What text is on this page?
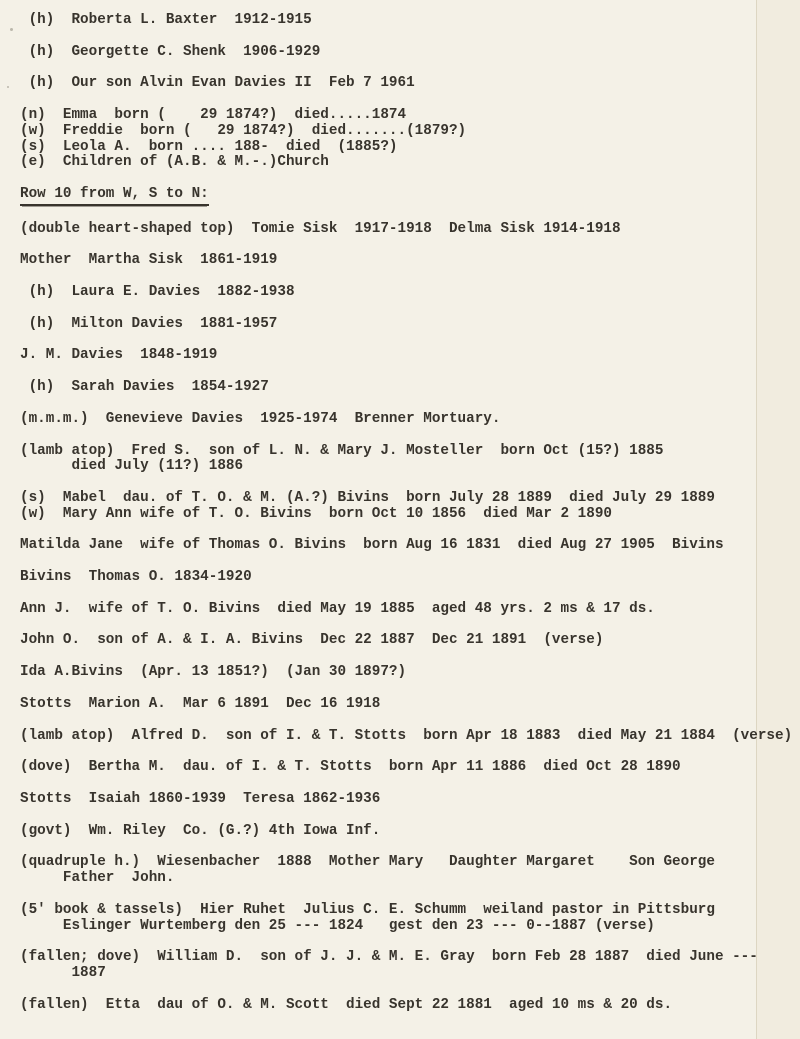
(h)  Roberta L. Baxter  1912-1915
(h)  Georgette C. Shenk  1906-1929
(h)  Our son Alvin Evan Davies II  Feb 7 1961
(n)  Emma  born (    29 1874?)  died.....1874
(w)  Freddie  born (   29 1874?)  died.......(1879?)
(s)  Leola A.  born .... 188-  died  (1885?)
(e)  Children of (A.B. & M.-.)Church
Row 10 from W, S to N:
(double heart-shaped top)  Tomie Sisk  1917-1918  Delma Sisk 1914-1918
Mother  Martha Sisk  1861-1919
(h)  Laura E. Davies  1882-1938
(h)  Milton Davies  1881-1957
J. M. Davies  1848-1919
(h)  Sarah Davies  1854-1927
(m.m.m.)  Genevieve Davies  1925-1974  Brenner Mortuary.
(lamb atop)  Fred S.  son of L. N. & Mary J. Mosteller  born Oct (15?) 1885
died July (11?) 1886
(s)  Mabel  dau. of T. O. & M. (A.?) Bivins  born July 28 1889  died July 29 1889
(w)  Mary Ann wife of T. O. Bivins  born Oct 10 1856  died Mar 2 1890
Matilda Jane  wife of Thomas O. Bivins  born Aug 16 1831  died Aug 27 1905  Bivins
Bivins  Thomas O. 1834-1920
Ann J.  wife of T. O. Bivins  died May 19 1885  aged 48 yrs. 2 ms & 17 ds.
John O.  son of A. & I. A. Bivins  Dec 22 1887  Dec 21 1891  (verse)
Ida A.Bivins  (Apr. 13 1851?)  (Jan 30 1897?)
Stotts  Marion A.  Mar 6 1891  Dec 16 1918
(lamb atop)  Alfred D.  son of I. & T. Stotts  born Apr 18 1883  died May 21 1884  (verse)
(dove)  Bertha M.  dau. of I. & T. Stotts  born Apr 11 1886  died Oct 28 1890
Stotts  Isaiah 1860-1939  Teresa 1862-1936
(govt)  Wm. Riley  Co. (G.?) 4th Iowa Inf.
(quadruple h.)  Wiesenbacher  1888  Mother Mary   Daughter Margaret    Son George
Father  John.
(5' book & tassels)  Hier Ruhet  Julius C. E. Schumm  weiland pastor in Pittsburg
Eslinger Wurtemberg den 25 --- 1824   gest den 23 --- 0--1887 (verse)
(fallen; dove)  William D.  son of J. J. & M. E. Gray  born Feb 28 1887  died June ---
1887
(fallen)  Etta  dau of O. & M. Scott  died Sept 22 1881  aged 10 ms & 20 ds.
